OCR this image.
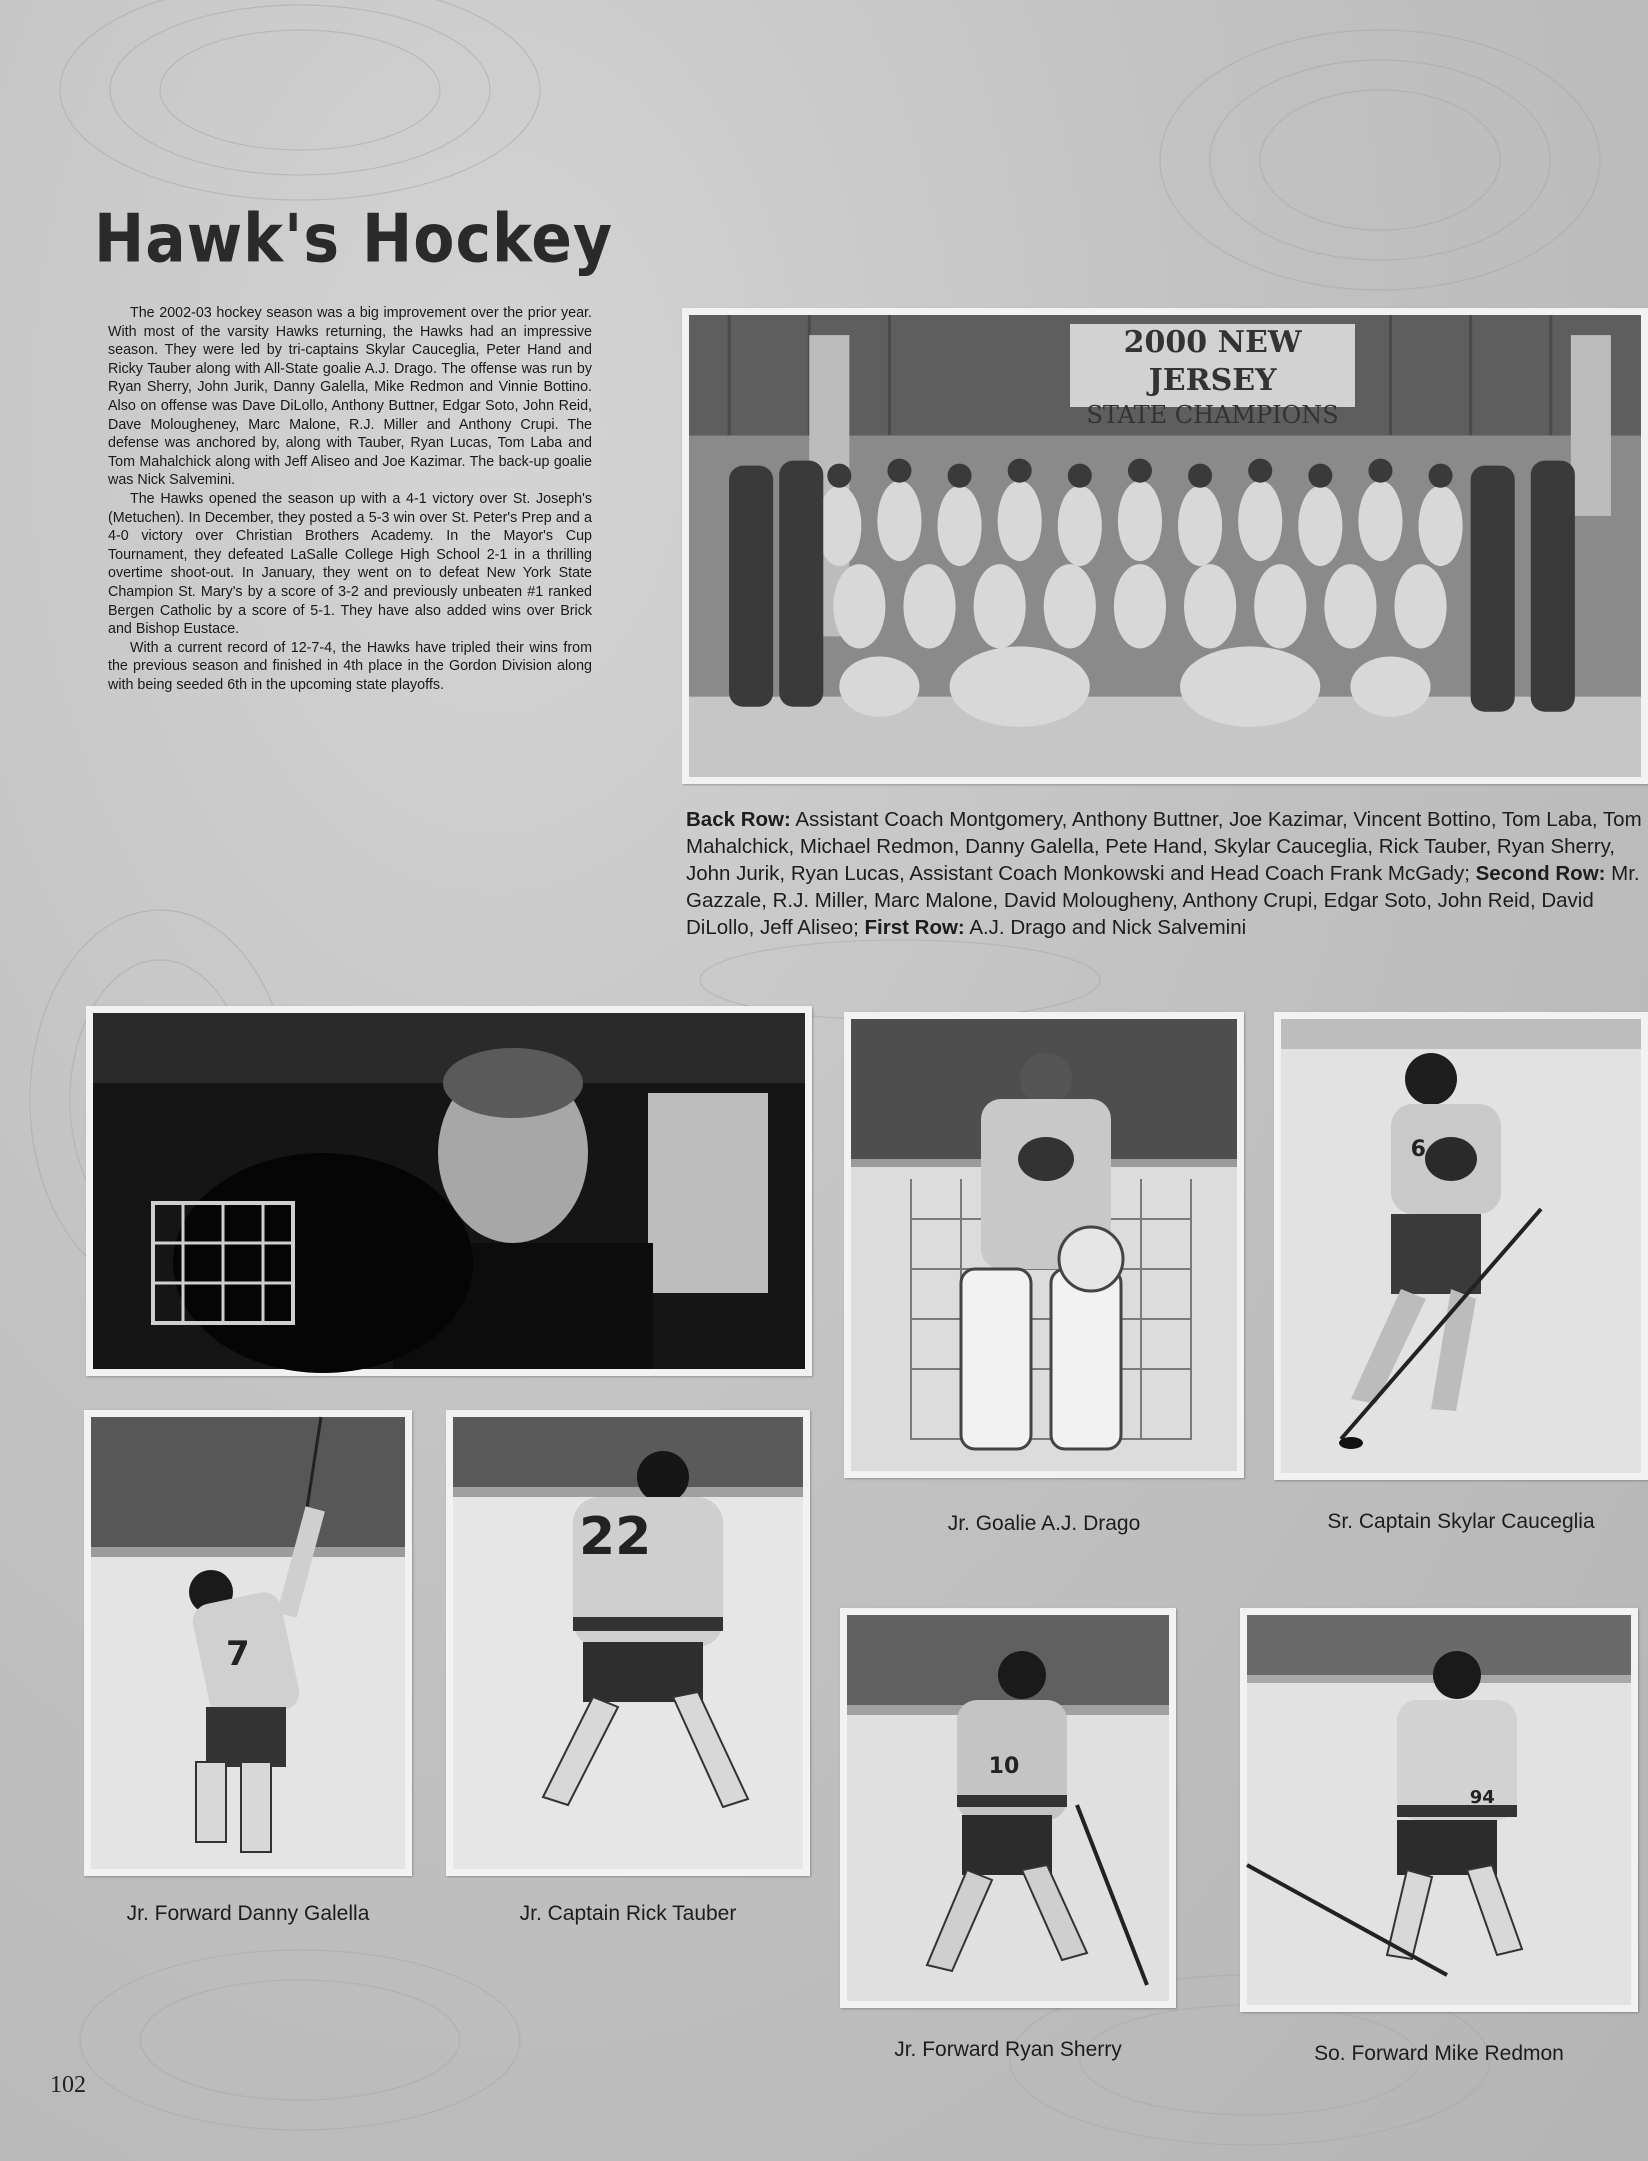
Hawk's Hockey

The 2002-03 hockey season was a big improvement over the prior year. With most of the varsity Hawks returning, the Hawks had an impressive season. They were led by tri-captains Skylar Cauceglia, Peter Hand and Ricky Tauber along with All-State goalie A.J. Drago. The offense was run by Ryan Sherry, John Jurik, Danny Galella, Mike Redmon and Vinnie Bottino. Also on offense was Dave DiLollo, Anthony Buttner, Edgar Soto, John Reid, Dave Molougheney, Marc Malone, R.J. Miller and Anthony Crupi. The defense was anchored by, along with Tauber, Ryan Lucas, Tom Laba and Tom Mahalchick along with Jeff Aliseo and Joe Kazimar. The back-up goalie was Nick Salvemini.

The Hawks opened the season up with a 4-1 victory over St. Joseph's (Metuchen). In December, they posted a 5-3 win over St. Peter's Prep and a 4-0 victory over Christian Brothers Academy. In the Mayor's Cup Tournament, they defeated LaSalle College High School 2-1 in a thrilling overtime shoot-out. In January, they went on to defeat New York State Champion St. Mary's by a score of 3-2 and previously unbeaten #1 ranked Bergen Catholic by a score of 5-1. They have also added wins over Brick and Bishop Eustace.

With a current record of 12-7-4, the Hawks have tripled their wins from the previous season and finished in 4th place in the Gordon Division along with being seeded 6th in the upcoming state playoffs.

2000 NEW JERSEY
STATE CHAMPIONS
Back Row: Assistant Coach Montgomery, Anthony Buttner, Joe Kazimar, Vincent Bottino, Tom Laba, Tom Mahalchick, Michael Redmon, Danny Galella, Pete Hand, Skylar Cauceglia, Rick Tauber, Ryan Sherry, John Jurik, Ryan Lucas, Assistant Coach Monkowski and Head Coach Frank McGady; Second Row: Mr. Gazzale, R.J. Miller, Marc Malone, David Molougheny, Anthony Crupi, Edgar Soto, John Reid, David DiLollo, Jeff Aliseo; First Row: A.J. Drago and Nick Salvemini
Jr. Goalie A.J. Drago
6
Sr. Captain Skylar Cauceglia
7
Jr. Forward Danny Galella
22
Jr. Captain Rick Tauber
10
Jr. Forward Ryan Sherry
94
So. Forward Mike Redmon
102
